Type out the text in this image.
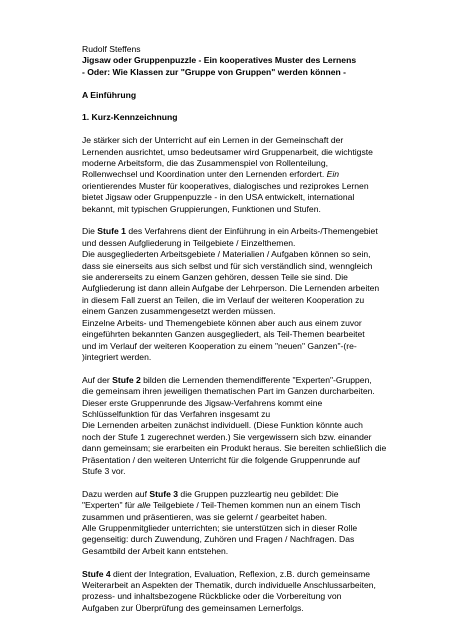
Rudolf Steffens
Jigsaw oder Gruppenpuzzle - Ein kooperatives Muster des Lernens
- Oder: Wie Klassen zur "Gruppe von Gruppen" werden können -
A Einführung
1. Kurz-Kennzeichnung
Je stärker sich der Unterricht auf ein Lernen in der Gemeinschaft der
Lernenden ausrichtet, umso bedeutsamer wird Gruppenarbeit, die wichtigste
moderne Arbeitsform, die das Zusammenspiel von Rollenteilung,
Rollenwechsel und Koordination unter den Lernenden erfordert. Ein
orientierendes Muster für kooperatives, dialogisches und reziprokes Lernen
bietet Jigsaw oder Gruppenpuzzle - in den USA entwickelt, international
bekannt, mit typischen Gruppierungen, Funktionen und Stufen.
Die Stufe 1 des Verfahrens dient der Einführung in ein Arbeits-/Themengebiet
und dessen Aufgliederung in Teilgebiete / Einzelthemen.
Die ausgegliederten Arbeitsgebiete / Materialien / Aufgaben können so sein,
dass sie einerseits aus sich selbst und für sich verständlich sind, wenngleich
sie andererseits zu einem Ganzen gehören, dessen Teile sie sind. Die
Aufgliederung ist dann allein Aufgabe der Lehrperson. Die Lernenden arbeiten
in diesem Fall zuerst an Teilen, die im Verlauf der weiteren Kooperation zu
einem Ganzen zusammengesetzt werden müssen.
Einzelne Arbeits- und Themengebiete können aber auch aus einem zuvor
eingeführten bekannten Ganzen ausgegliedert, als Teil-Themen bearbeitet
und im Verlauf der weiteren Kooperation zu einem "neuen" Ganzen"-(re-
)integriert werden.
Auf der Stufe 2 bilden die Lernenden themendifferente "Experten"-Gruppen,
die gemeinsam ihren jeweiligen thematischen Part im Ganzen durcharbeiten.
Dieser erste Gruppenrunde des Jigsaw-Verfahrens kommt eine
Schlüsselfunktion für das Verfahren insgesamt zu
Die Lernenden arbeiten zunächst individuell. (Diese Funktion könnte auch
noch der Stufe 1 zugerechnet werden.) Sie vergewissern sich bzw. einander
dann gemeinsam; sie erarbeiten ein Produkt heraus. Sie bereiten schließlich die
Präsentation / den weiteren Unterricht für die folgende Gruppenrunde auf
Stufe 3 vor.
Dazu werden auf Stufe 3 die Gruppen puzzleartig neu gebildet: Die
"Experten" für alle Teilgebiete / Teil-Themen kommen nun an einem Tisch
zusammen und präsentieren, was sie gelernt / gearbeitet haben.
Alle Gruppenmitglieder unterrichten; sie unterstützen sich in dieser Rolle
gegenseitig: durch Zuwendung, Zuhören und Fragen / Nachfragen. Das
Gesamtbild der Arbeit kann entstehen.
Stufe 4 dient der Integration, Evaluation, Reflexion, z.B. durch gemeinsame
Weiterarbeit an Aspekten der Thematik, durch individuelle Anschlussarbeiten,
prozess- und inhaltsbezogene Rückblicke oder die Vorbereitung von
Aufgaben zur Überprüfung des gemeinsamen Lernerfolgs.
